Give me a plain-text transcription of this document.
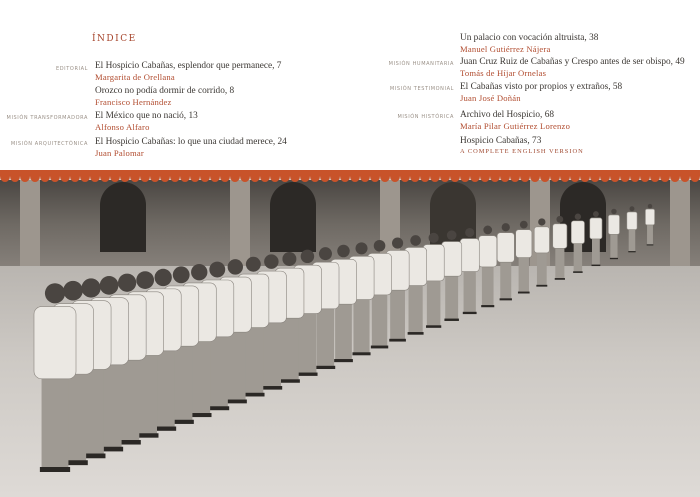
ÍNDICE
EDITORIAL El Hospicio Cabañas, esplendor que permanece, 7
Margarita de Orellana
Orozco no podía dormir de corrido, 8
Francisco Hernández
MISIÓN TRANSFORMADORA El México que no nació, 13
Alfonso Alfaro
MISIÓN ARQUITECTÓNICA El Hospicio Cabañas: lo que una ciudad merece, 24
Juan Palomar
Un palacio con vocación altruista, 38
Manuel Gutiérrez Nájera
MISIÓN HUMANITARIA Juan Cruz Ruiz de Cabañas y Crespo antes de ser obispo, 49
Tomás de Híjar Ornelas
MISIÓN TESTIMONIAL El Cabañas visto por propios y extraños, 58
Juan José Doñán
MISIÓN HISTÓRICA Archivo del Hospicio, 68
María Pilar Gutiérrez Lorenzo
Hospicio Cabañas, 73
A COMPLETE ENGLISH VERSION
